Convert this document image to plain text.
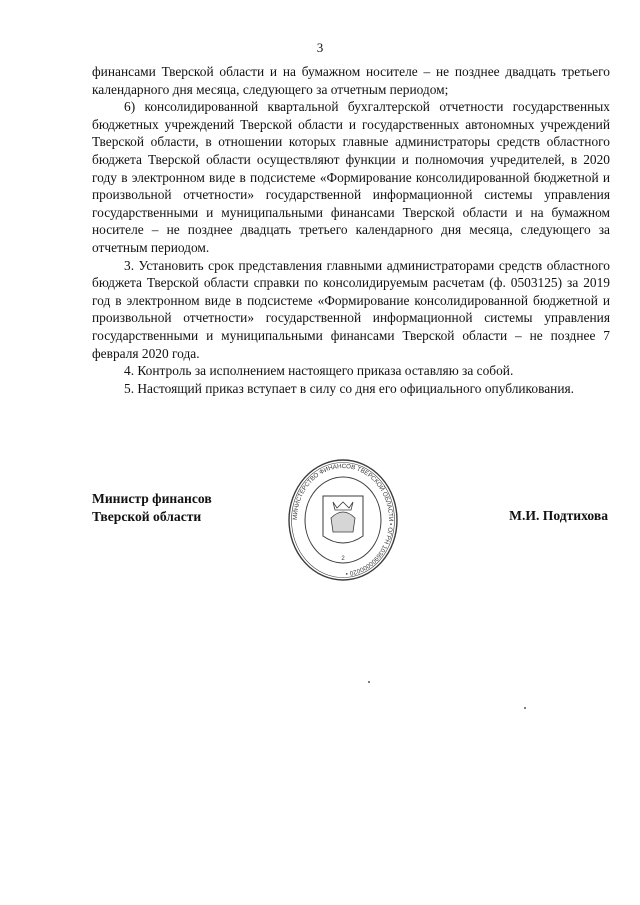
3

финансами Тверской области и на бумажном носителе – не позднее двадцать третьего календарного дня месяца, следующего за отчетным периодом;

6) консолидированной квартальной бухгалтерской отчетности государственных бюджетных учреждений Тверской области и государственных автономных учреждений Тверской области, в отношении которых главные администраторы средств областного бюджета Тверской области осуществляют функции и полномочия учредителей, в 2020 году в электронном виде в подсистеме «Формирование консолидированной бюджетной и произвольной отчетности» государственной информационной системы управления государственными и муниципальными финансами Тверской области и на бумажном носителе – не позднее двадцать третьего календарного дня месяца, следующего за отчетным периодом.

3. Установить срок представления главными администраторами средств областного бюджета Тверской области справки по консолидируемым расчетам (ф. 0503125) за 2019 год в электронном виде в подсистеме «Формирование консолидированной бюджетной и произвольной отчетности» государственной информационной системы управления государственными и муниципальными финансами Тверской области – не позднее 7 февраля 2020 года.

4. Контроль за исполнением настоящего приказа оставляю за собой.

5. Настоящий приказ вступает в силу со дня его официального опубликования.

Министр финансов
Тверской области	М.И. Подтихова
МИНИСТЕРСТВО ФИНАНСОВ ТВЕРСКОЙ ОБЛАСТИ • ОГРН 1036900000020 •
2
